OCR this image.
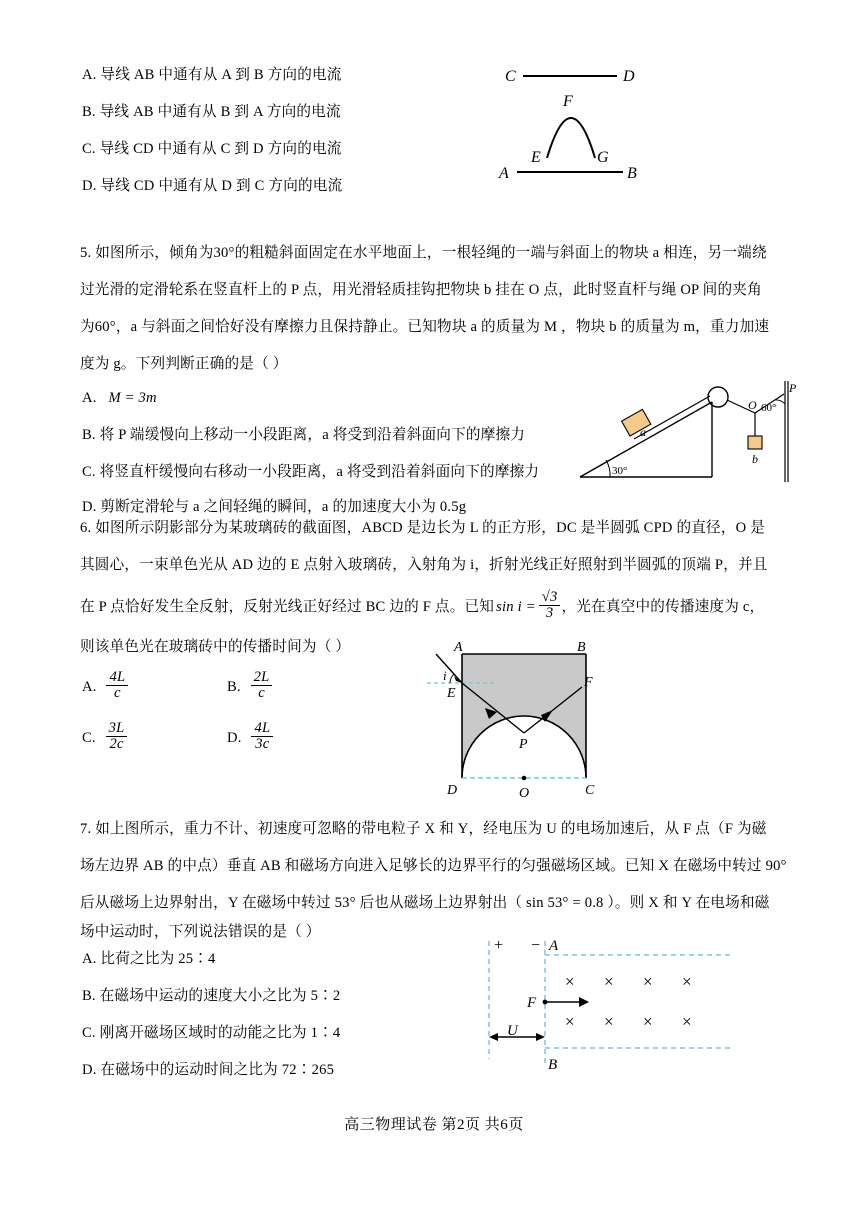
A. 导线 AB 中通有从 A 到 B 方向的电流
B. 导线 AB 中通有从 B 到 A 方向的电流
C. 导线 CD 中通有从 C 到 D 方向的电流
D. 导线 CD 中通有从 D 到 C 方向的电流
C	D
F
E	G
A	B
5. 如图所示，倾角为30°的粗糙斜面固定在水平地面上，一根轻绳的一端与斜面上的物块 a 相连，另一端绕
过光滑的定滑轮系在竖直杆上的 P 点，用光滑轻质挂钩把物块 b 挂在 O 点，此时竖直杆与绳 OP 间的夹角
为60°，a 与斜面之间恰好没有摩擦力且保持静止。已知物块 a 的质量为 M ，物块 b 的质量为 m，重力加速
度为 g。下列判断正确的是（ ）
A. M = 3m
B. 将 P 端缓慢向上移动一小段距离，a 将受到沿着斜面向下的摩擦力
C. 将竖直杆缓慢向右移动一小段距离，a 将受到沿着斜面向下的摩擦力
D. 剪断定滑轮与 a 之间轻绳的瞬间，a 的加速度大小为 0.5g
30°
a
b
O 60°
P
6. 如图所示阴影部分为某玻璃砖的截面图，ABCD 是边长为 L 的正方形，DC 是半圆弧 CPD 的直径，O 是
其圆心，一束单色光从 AD 边的 E 点射入玻璃砖，入射角为 i，折射光线正好照射到半圆弧的顶端 P，并且
在 P 点恰好发生全反射，反射光线正好经过 BC 边的 F 点。已知 $\sin i = \frac{√3}{3}$ ，光在真空中的传播速度为 c，
则该单色光在玻璃砖中的传播时间为（ ）
A. $\frac{4L}{c}$	B. $\frac{2L}{c}$
C. $\frac{3L}{2c}$	D. $\frac{4L}{3c}$
A	B
E
F
i
P
D	C
O
7. 如上图所示，重力不计、初速度可忽略的带电粒子 X 和 Y，经电压为 U 的电场加速后，从 F 点（F 为磁
场左边界 AB 的中点）垂直 AB 和磁场方向进入足够长的边界平行的匀强磁场区域。已知 X 在磁场中转过 90°
后从磁场上边界射出，Y 在磁场中转过 53° 后也从磁场上边界射出（ sin 53° = 0.8 ）。则 X 和 Y 在电场和磁
场中运动时，下列说法错误的是（ ）
A. 比荷之比为 25∶4
B. 在磁场中运动的速度大小之比为 5∶2
C. 刚离开磁场区域时的动能之比为 1∶4
D. 在磁场中的运动时间之比为 72∶265
+ − A
B
F
U
× × × ×
× × × ×
高三物理试卷 第2页 共6页
